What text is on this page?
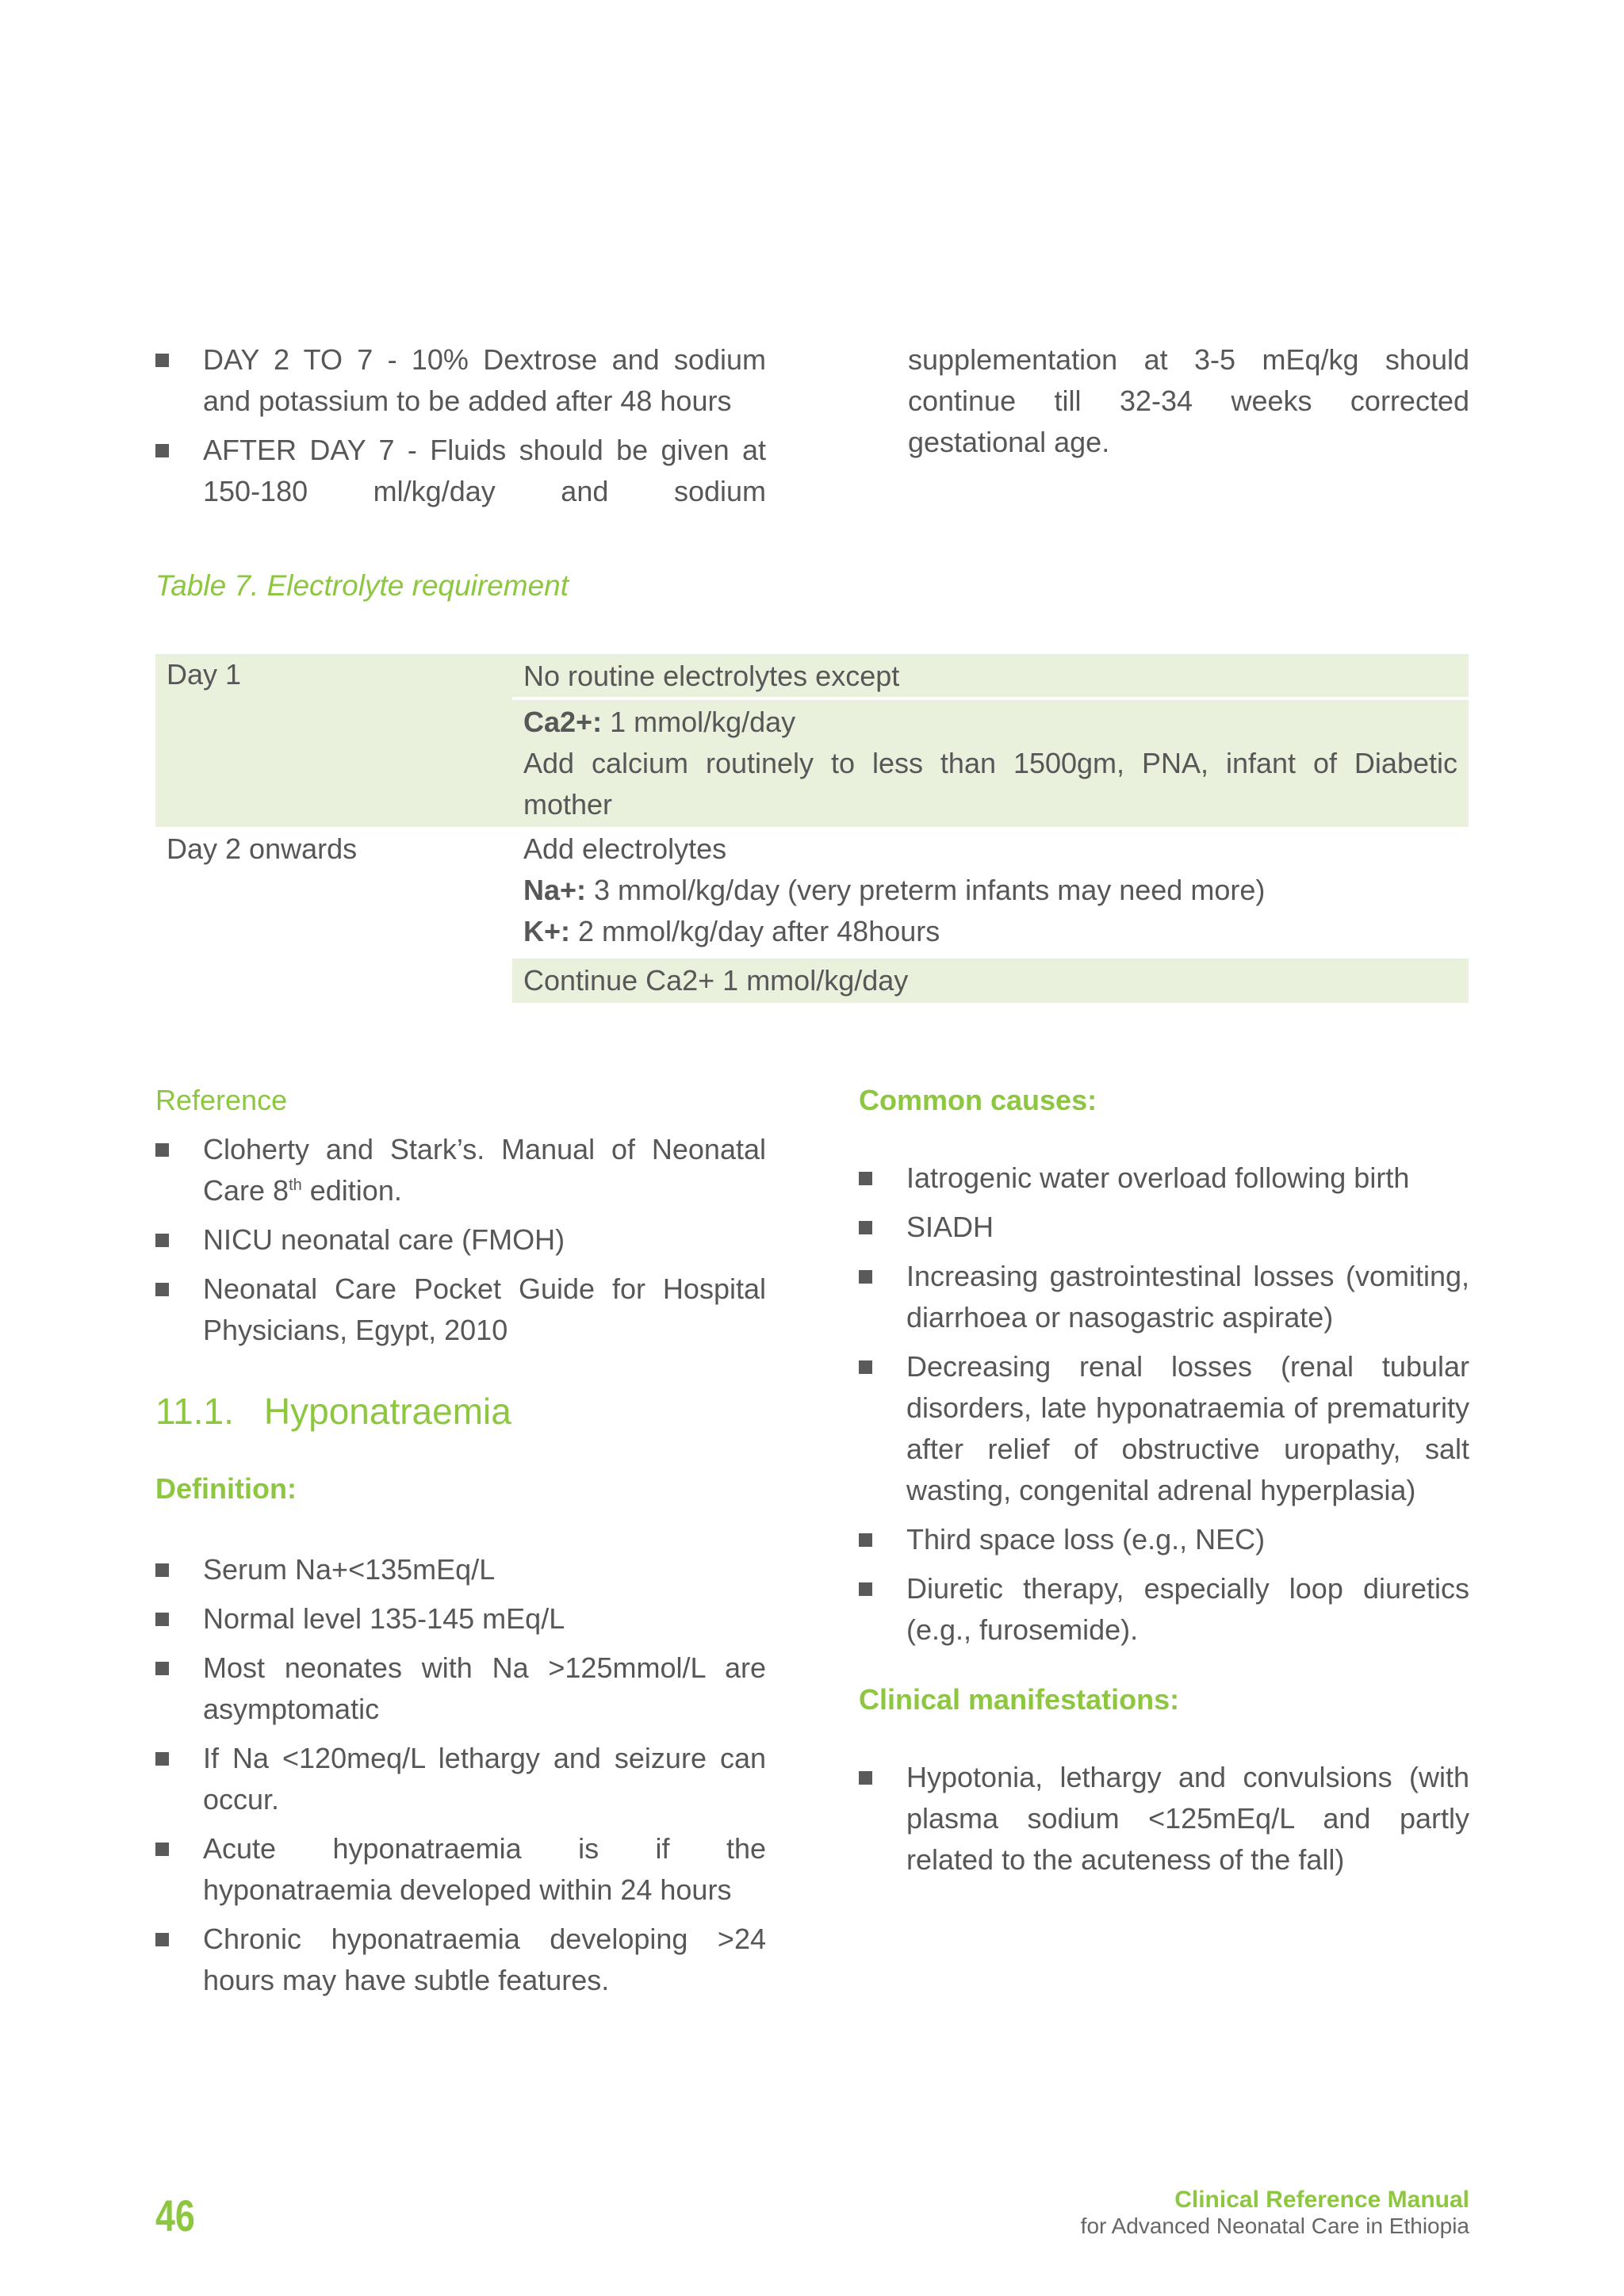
DAY 2 TO 7 - 10% Dextrose and sodium and potassium to be added after 48 hours
AFTER DAY 7 - Fluids should be given at 150-180 ml/kg/day and sodium

supplementation at 3-5 mEq/kg should continue till 32-34 weeks corrected gestational age.

Table 7. Electrolyte requirement
Day 1	No routine electrolytes except

	Ca2+: 1 mmol/kg/day
Add calcium routinely to less than 1500gm, PNA, infant of Diabetic mother

Day 2 onwards	Add electrolytes
Na+: 3 mmol/kg/day (very preterm infants may need more)
K+: 2 mmol/kg/day after 48hours

	Continue Ca2+ 1 mmol/kg/day
Reference
Cloherty and Stark’s. Manual of Neonatal Care 8th edition.
NICU neonatal care (FMOH)
Neonatal Care Pocket Guide for Hospital Physicians, Egypt, 2010
11.1. Hyponatraemia
Definition:
Serum Na+<135mEq/L
Normal level 135-145 mEq/L
Most neonates with Na >125mmol/L are asymptomatic
If Na <120meq/L lethargy and seizure can occur.
Acute hyponatraemia is if the hyponatraemia developed within 24 hours
Chronic hyponatraemia developing >24 hours may have subtle features.
Common causes:
Iatrogenic water overload following birth
SIADH
Increasing gastrointestinal losses (vomiting, diarrhoea or nasogastric aspirate)
Decreasing renal losses (renal tubular disorders, late hyponatraemia of prematurity after relief of obstructive uropathy, salt wasting, congenital adrenal hyperplasia)
Third space loss (e.g., NEC)
Diuretic therapy, especially loop diuretics (e.g., furosemide).
Clinical manifestations:
Hypotonia, lethargy and convulsions (with plasma sodium <125mEq/L and partly related to the acuteness of the fall)
46	Clinical Reference Manual
for Advanced Neonatal Care in Ethiopia
